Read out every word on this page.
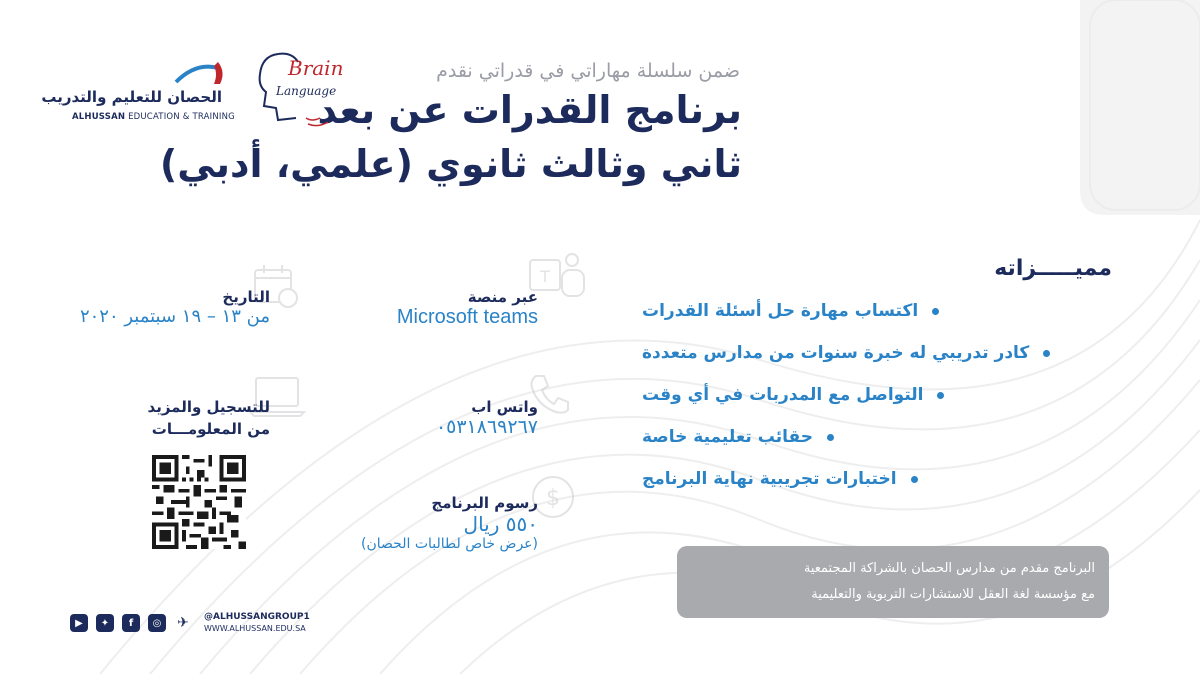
ضمن سلسلة مهاراتي في قدراتي نقدم
برنامج القدرات عن بعد
ثاني وثالث ثانوي (علمي، أدبي)
Brain
Language
الحصان للتعليم والتدريب
ALHUSSAN EDUCATION & TRAINING
مميـــــزاته
اكتساب مهارة حل أسئلة القدرات
كادر تدريبي له خبرة سنوات من مدارس متعددة
التواصل مع المدربات في أي وقت
حقائب تعليمية خاصة
اختبارات تجريبية نهاية البرنامج
T
عبر منصة
Microsoft teams
التاريخ
من ١٣ – ١٩ سبتمبر ٢٠٢٠
واتس اب
٠٥٣١٨٦٩٢٦٧
للتسجيل والمزيد
من المعلومـــات
$
رسوم البرنامج
٥٥٠ ريال
(عرض خاص لطالبات الحصان)
البرنامج مقدم من مدارس الحصان بالشراكة المجتمعية
مع مؤسسة لغة العقل للاستشارات التربوية والتعليمية
▶	✦	f	◎	✈	@ALHUSSANGROUP1
WWW.ALHUSSAN.EDU.SA
